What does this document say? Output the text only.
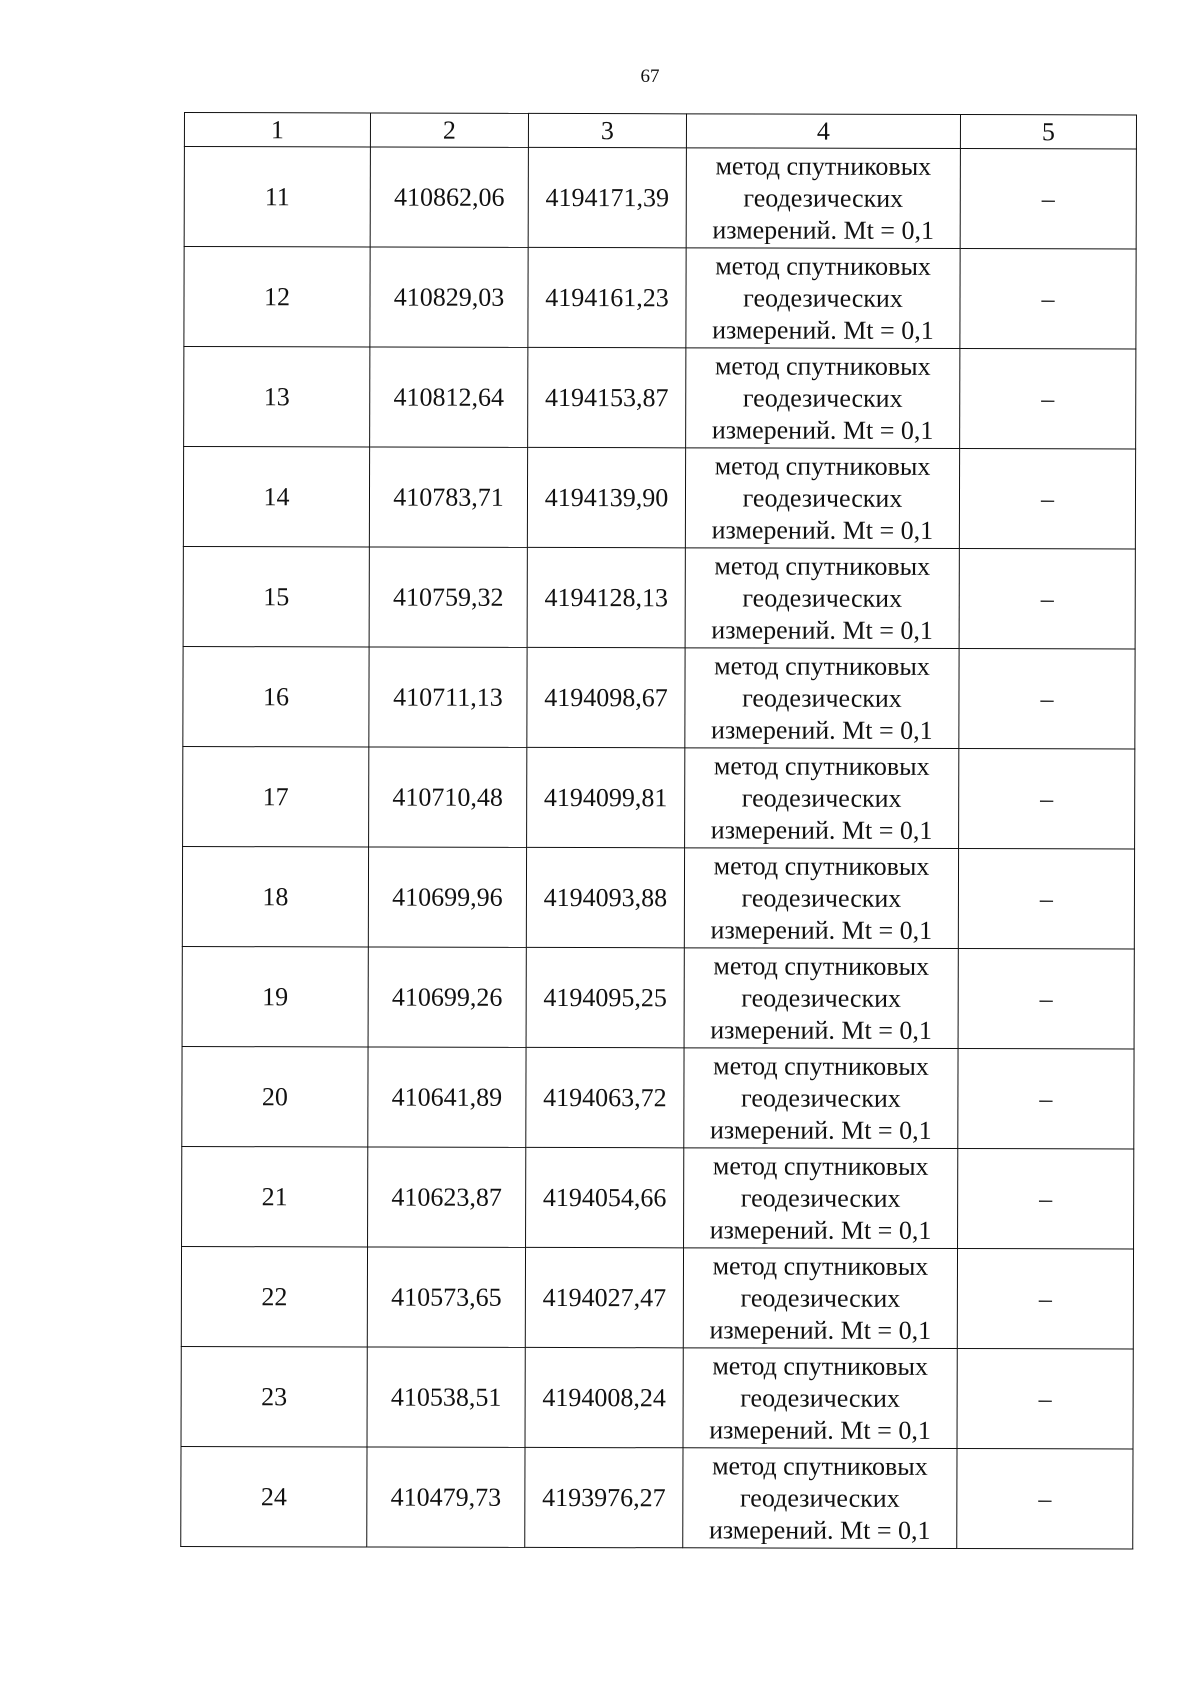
67
1	2	3	4	5
11	410862,06	4194171,39	метод спутниковых
геодезических
измерений. Mt = 0,1	–
12	410829,03	4194161,23	метод спутниковых
геодезических
измерений. Mt = 0,1	–
13	410812,64	4194153,87	метод спутниковых
геодезических
измерений. Mt = 0,1	–
14	410783,71	4194139,90	метод спутниковых
геодезических
измерений. Mt = 0,1	–
15	410759,32	4194128,13	метод спутниковых
геодезических
измерений. Mt = 0,1	–
16	410711,13	4194098,67	метод спутниковых
геодезических
измерений. Mt = 0,1	–
17	410710,48	4194099,81	метод спутниковых
геодезических
измерений. Mt = 0,1	–
18	410699,96	4194093,88	метод спутниковых
геодезических
измерений. Mt = 0,1	–
19	410699,26	4194095,25	метод спутниковых
геодезических
измерений. Mt = 0,1	–
20	410641,89	4194063,72	метод спутниковых
геодезических
измерений. Mt = 0,1	–
21	410623,87	4194054,66	метод спутниковых
геодезических
измерений. Mt = 0,1	–
22	410573,65	4194027,47	метод спутниковых
геодезических
измерений. Mt = 0,1	–
23	410538,51	4194008,24	метод спутниковых
геодезических
измерений. Mt = 0,1	–
24	410479,73	4193976,27	метод спутниковых
геодезических
измерений. Mt = 0,1	–
